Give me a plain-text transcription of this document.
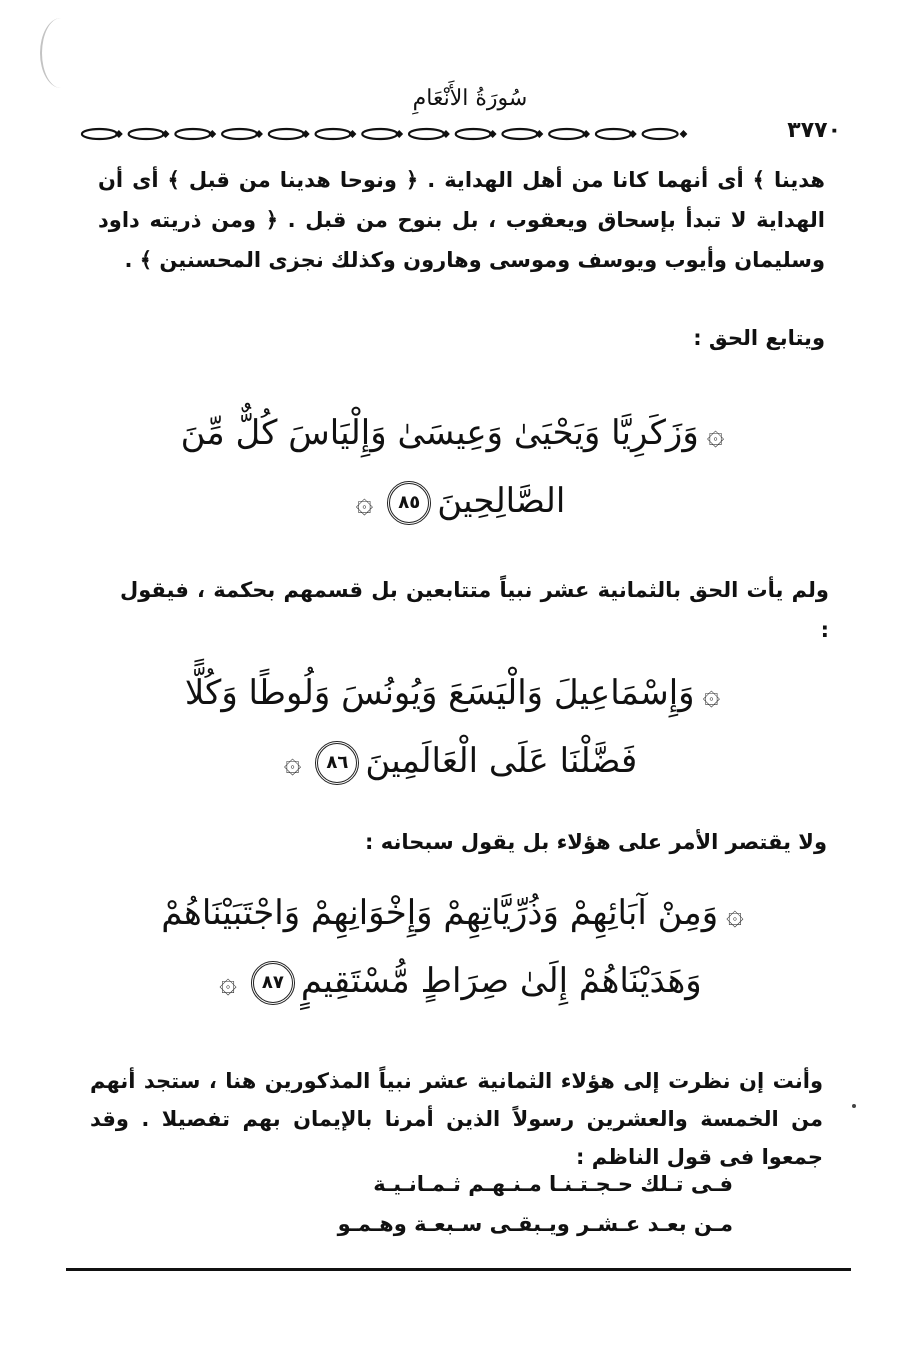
سُورَةُ الأَنْعَامِ
٣٧٧٠
هدينا ﴾ أى أنهما كانا من أهل الهداية . ﴿ ونوحا هدينا من قبل ﴾ أى أن الهداية لا تبدأ بإسحاق ويعقوب ، بل بنوح من قبل . ﴿ ومن ذريته داود وسليمان وأيوب ويوسف وموسى وهارون وكذلك نجزى المحسنين ﴾ .
ويتابع الحق :
۞وَزَكَرِيَّا وَيَحْيَىٰ وَعِيسَىٰ وَإِلْيَاسَ كُلٌّ مِّنَ
الصَّالِحِينَ٨٥۞
ولم يأت الحق بالثمانية عشر نبياً متتابعين بل قسمهم بحكمة ، فيقول :
۞وَإِسْمَاعِيلَ وَالْيَسَعَ وَيُونُسَ وَلُوطًا وَكُلًّا
فَضَّلْنَا عَلَى الْعَالَمِينَ٨٦۞
ولا يقتصر الأمر على هؤلاء بل يقول سبحانه :
۞وَمِنْ آبَائِهِمْ وَذُرِّيَّاتِهِمْ وَإِخْوَانِهِمْ وَاجْتَبَيْنَاهُمْ
وَهَدَيْنَاهُمْ إِلَىٰ صِرَاطٍ مُّسْتَقِيمٍ٨٧۞
وأنت إن نظرت إلى هؤلاء الثمانية عشر نبياً المذكورين هنا ، ستجد أنهم من الخمسة والعشرين رسولاً الذين أمرنا بالإيمان بهم تفصيلا . وقد جمعوا فى قول الناظم :
فـى تـلك حـجـتـنـا مـنـهـم ثـمـانـيـة
مـن بعـد عـشـر ويـبقـى سـبعـة وهـمـو
